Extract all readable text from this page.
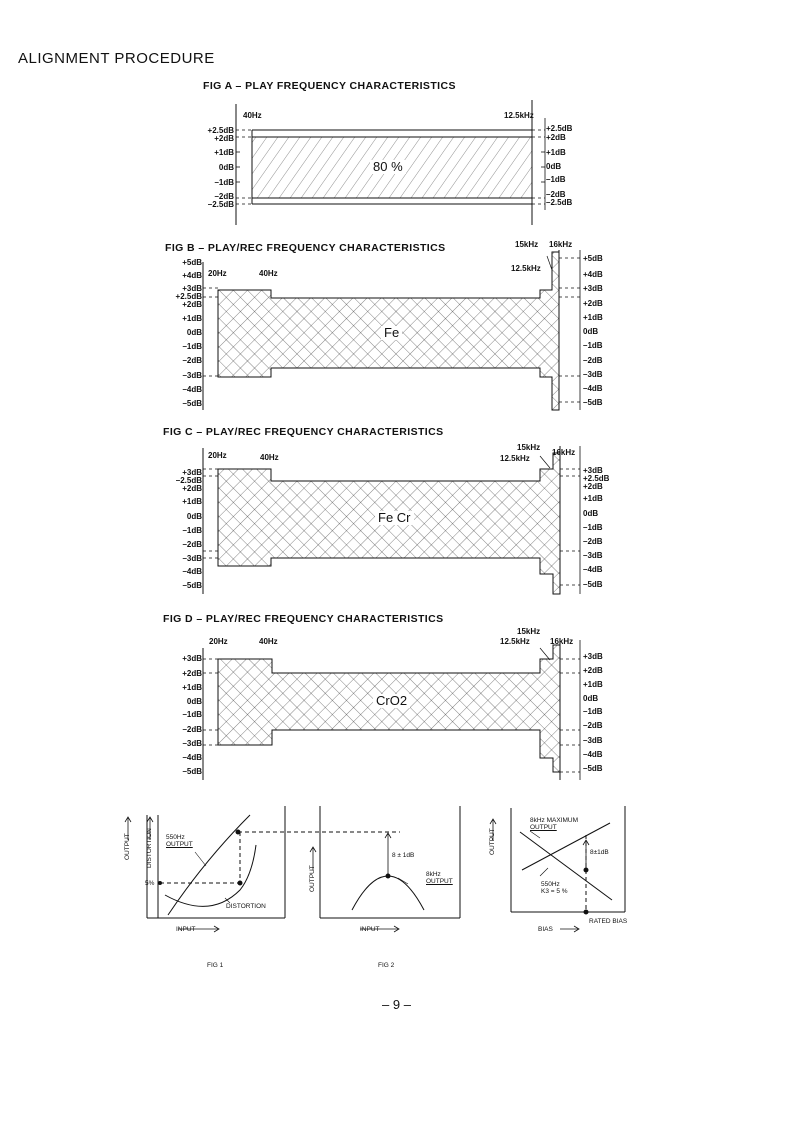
ALIGNMENT PROCEDURE
FIG A – PLAY FREQUENCY CHARACTERISTICS
40Hz	12.5kHz
80 %
+2.5dB
+2dB
+1dB
0dB
–1dB
–2dB
–2.5dB
+2.5dB
+2dB
+1dB
0dB
–1dB
–2dB
–2.5dB
FIG B – PLAY/REC FREQUENCY CHARACTERISTICS
20Hz	40Hz
12.5kHz
15kHz 16kHz
Fe
+5dB
+4dB
+3dB
+2.5dB
+2dB
+1dB
0dB
–1dB
–2dB
–3dB
–4dB
–5dB
+5dB
+4dB
+3dB
+2dB
+1dB
0dB
–1dB
–2dB
–3dB
–4dB
–5dB
FIG C – PLAY/REC FREQUENCY CHARACTERISTICS
20Hz	40Hz	12.5kHz
15kHz
16kHz
Fe Cr
+3dB
–2.5dB
+2dB
+1dB
0dB
–1dB
–2dB
–3dB
–4dB
–5dB
+3dB
+2.5dB
+2dB
+1dB
0dB
–1dB
–2dB
–3dB
–4dB
–5dB
FIG D – PLAY/REC FREQUENCY CHARACTERISTICS
20Hz	40Hz	12.5kHz
15kHz
16kHz
CrO2
+3dB
+2dB
+1dB
0dB
–1dB
–2dB
–3dB
–4dB
–5dB
+3dB
+2dB
+1dB
0dB
–1dB
–2dB
–3dB
–4dB
–5dB
OUTPUT DISTORTION 550Hz
OUTPUT
5%
DISTORTION
INPUT
FIG 1
OUTPUT
8 ± 1dB
8kHz
OUTPUT
INPUT
FIG 2
OUTPUT
8kHz MAXIMUM
OUTPUT
8±1dB
550Hz
K3 = 5 %
RATED BIAS
BIAS
– 9 –
